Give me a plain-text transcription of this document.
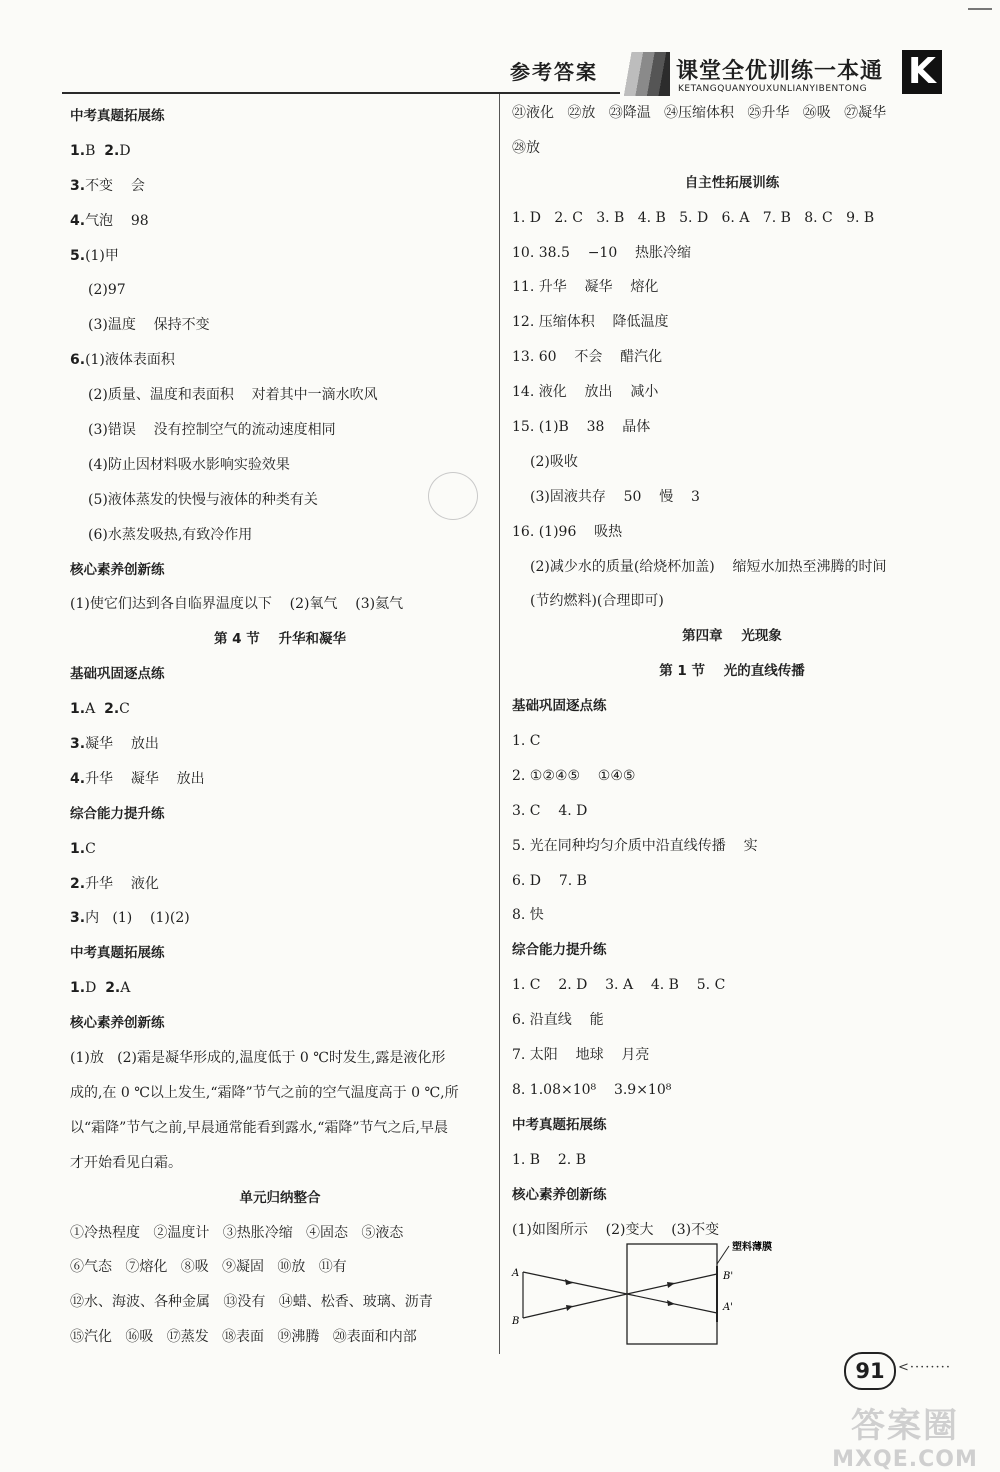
参考答案	课堂全优训练一本通
KETANGQUANYOUXUNLIANYIBENTONG K
中考真题拓展练
1.B  2.D
3.不变    会
4.气泡    98
5.(1)甲
(2)97
(3)温度    保持不变
6.(1)液体表面积
(2)质量、温度和表面积    对着其中一滴水吹风
(3)错误    没有控制空气的流动速度相同
(4)防止因材料吸水影响实验效果
(5)液体蒸发的快慢与液体的种类有关
(6)水蒸发吸热,有致冷作用
核心素养创新练
(1)使它们达到各自临界温度以下    (2)氧气    (3)氦气
第 4 节    升华和凝华
基础巩固逐点练
1.A  2.C
3.凝华    放出
4.升华    凝华    放出
综合能力提升练
1.C
2.升华    液化
3.内   (1)    (1)(2)
中考真题拓展练
1.D  2.A
核心素养创新练
(1)放   (2)霜是凝华形成的,温度低于 0 ℃时发生,露是液化形
成的,在 0 ℃以上发生,“霜降”节气之前的空气温度高于 0 ℃,所
以“霜降”节气之前,早晨通常能看到露水,“霜降”节气之后,早晨
才开始看见白霜。
单元归纳整合
①冷热程度   ②温度计   ③热胀冷缩   ④固态   ⑤液态
⑥气态   ⑦熔化   ⑧吸   ⑨凝固   ⑩放   ⑪有
⑫水、海波、各种金属   ⑬没有   ⑭蜡、松香、玻璃、沥青
⑮汽化   ⑯吸   ⑰蒸发   ⑱表面   ⑲沸腾   ⑳表面和内部
㉑液化   ㉒放   ㉓降温   ㉔压缩体积   ㉕升华   ㉖吸   ㉗凝华
㉘放
自主性拓展训练
1. D   2. C   3. B   4. B   5. D   6. A   7. B   8. C   9. B
10. 38.5    −10    热胀冷缩
11. 升华    凝华    熔化
12. 压缩体积    降低温度
13. 60    不会    醋汽化
14. 液化    放出    减小
15. (1)B    38    晶体
(2)吸收
(3)固液共存    50    慢    3
16. (1)96    吸热
(2)减少水的质量(给烧杯加盖)    缩短水加热至沸腾的时间
(节约燃料)(合理即可)
第四章    光现象
第 1 节    光的直线传播
基础巩固逐点练
1. C
2. ①②④⑤    ①④⑤
3. C    4. D
5. 光在同种均匀介质中沿直线传播    实
6. D    7. B
8. 快
综合能力提升练
1. C    2. D    3. A    4. B    5. C
6. 沿直线    能
7. 太阳    地球    月亮
8. 1.08×10⁸    3.9×10⁸
中考真题拓展练
1. B    2. B
核心素养创新练
(1)如图所示    (2)变大    (3)不变
A
B
B'
A'
塑料薄膜
91	<········
答案圈
MXQE.COM
